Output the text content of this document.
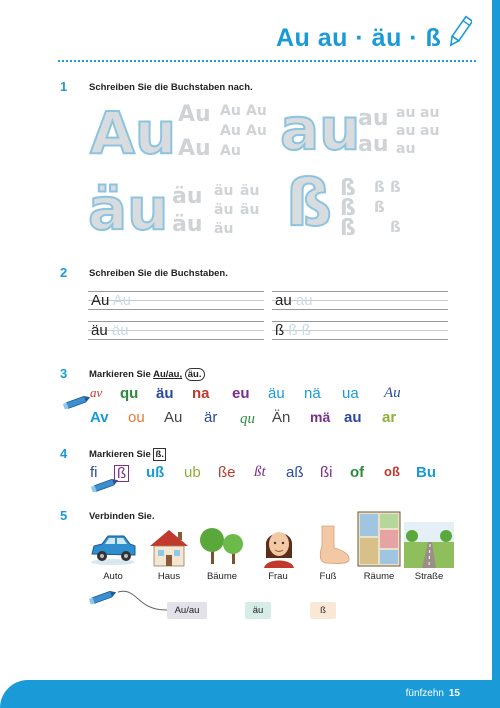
Au au · äu · ß
1 Schreiben Sie die Buchstaben nach.
Au Au
Au
Au Au
Au Au
Au au
au
au
au au
au au
au
äu äu
äu
äu äu
äu äu
äu ß ß
ß
ß
ß ß
ß
ß
2 Schreiben Sie die Buchstaben.
Au Au	au au
äu äu	ß ß ß
3 Markieren Sie Au/au, äu.
av qu äu na eu äu nä ua Au
Av ou Au är qu Än mä au ar
4 Markieren Sie ß.
fi ß uß ub ße ßt aß ßi of oß Bu
5 Verbinden Sie.
Auto	Haus	Bäume	Frau	Fuß	Räume	Straße
Au/au	äu	ß
fünfzehn 15
